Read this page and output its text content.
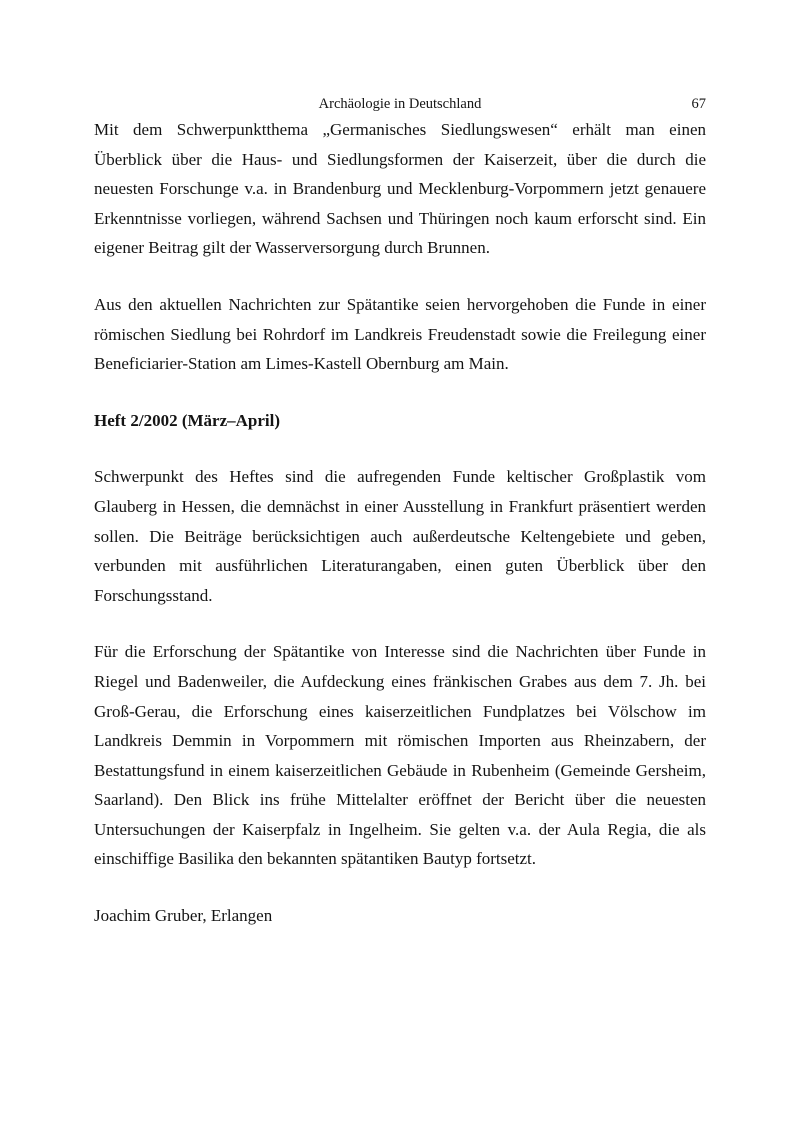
Archäologie in Deutschland	67

Mit dem Schwerpunktthema „Germanisches Siedlungswesen“ erhält man einen Überblick über die Haus- und Siedlungsformen der Kaiserzeit, über die durch die neuesten Forschunge v.a. in Brandenburg und Mecklenburg-Vorpommern jetzt genauere Erkenntnisse vorliegen, während Sachsen und Thüringen noch kaum erforscht sind. Ein eigener Beitrag gilt der Wasserversorgung durch Brunnen.

Aus den aktuellen Nachrichten zur Spätantike seien hervorgehoben die Funde in einer römischen Siedlung bei Rohrdorf im Landkreis Freudenstadt sowie die Freilegung einer Beneficiarier-Station am Limes-Kastell Obernburg am Main.

Heft 2/2002 (März–April)

Schwerpunkt des Heftes sind die aufregenden Funde keltischer Großplastik vom Glauberg in Hessen, die demnächst in einer Ausstellung in Frankfurt präsentiert werden sollen. Die Beiträge berücksichtigen auch außerdeutsche Keltengebiete und geben, verbunden mit ausführlichen Literaturangaben, einen guten Überblick über den Forschungsstand.

Für die Erforschung der Spätantike von Interesse sind die Nachrichten über Funde in Riegel und Badenweiler, die Aufdeckung eines fränkischen Grabes aus dem 7. Jh. bei Groß-Gerau, die Erforschung eines kaiserzeitlichen Fundplatzes bei Völschow im Landkreis Demmin in Vorpommern mit römischen Importen aus Rheinzabern, der Bestattungsfund in einem kaiserzeitlichen Gebäude in Rubenheim (Gemeinde Gersheim, Saarland). Den Blick ins frühe Mittelalter eröffnet der Bericht über die neuesten Untersuchungen der Kaiserpfalz in Ingelheim. Sie gelten v.a. der Aula Regia, die als einschiffige Basilika den bekannten spätantiken Bautyp fortsetzt.

Joachim Gruber, Erlangen
